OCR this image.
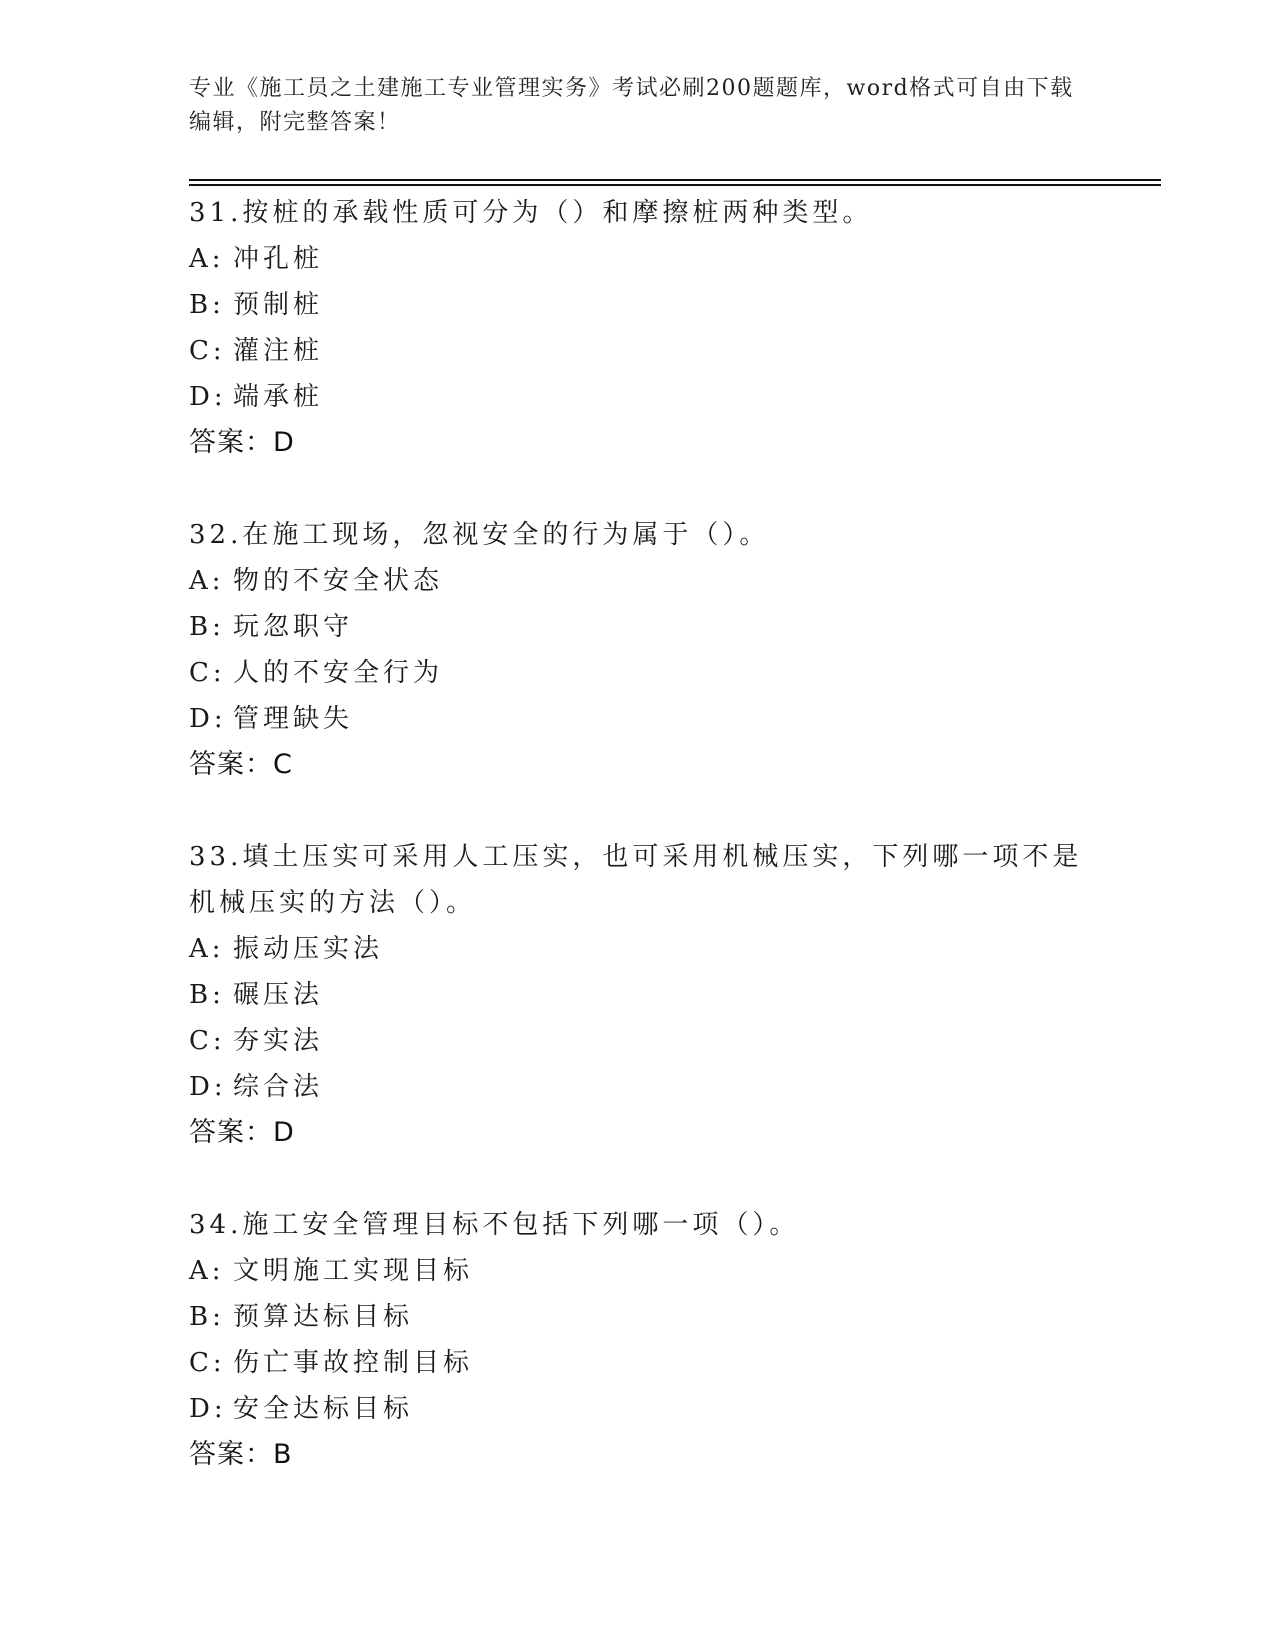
专业《施工员之土建施工专业管理实务》考试必刷200题题库，word格式可自由下载编辑，附完整答案！

31.按桩的承载性质可分为（）和摩擦桩两种类型。

A: 冲孔桩
B: 预制桩
C: 灌注桩
D: 端承桩
答案：D

32.在施工现场，忽视安全的行为属于（）。

A: 物的不安全状态
B: 玩忽职守
C: 人的不安全行为
D: 管理缺失
答案：C

33.填土压实可采用人工压实，也可采用机械压实，下列哪一项不是机械压实的方法（）。

A: 振动压实法
B: 碾压法
C: 夯实法
D: 综合法
答案：D

34.施工安全管理目标不包括下列哪一项（）。

A: 文明施工实现目标
B: 预算达标目标
C: 伤亡事故控制目标
D: 安全达标目标
答案：B
